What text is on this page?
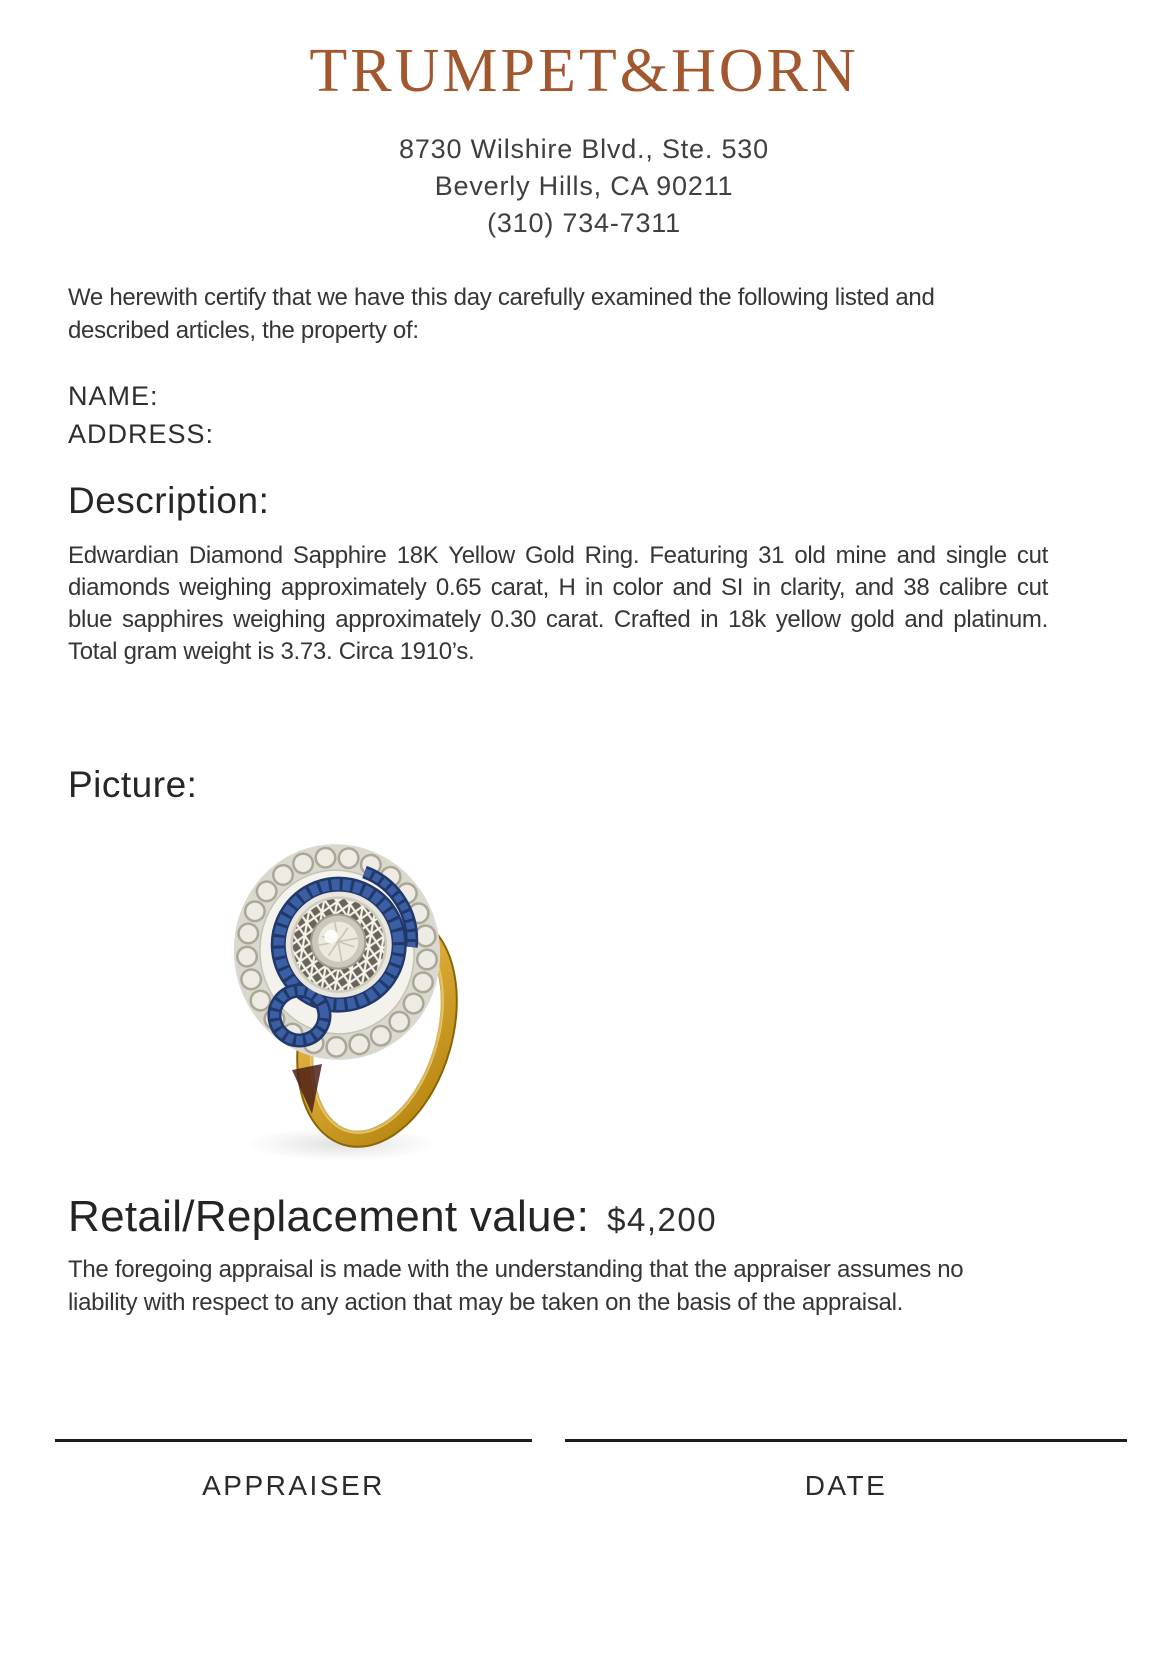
TRUMPET&HORN
8730 Wilshire Blvd., Ste. 530
Beverly Hills, CA 90211
(310) 734-7311
We herewith certify that we have this day carefully examined the following listed and described articles, the property of:
NAME:
ADDRESS:
Description:
Edwardian Diamond Sapphire 18K Yellow Gold Ring. Featuring 31 old mine and single cut diamonds weighing approximately 0.65 carat, H in color and SI in clarity, and 38 calibre cut blue sapphires weighing approximately 0.30 carat. Crafted in 18k yellow gold and platinum. Total gram weight is 3.73. Circa 1910’s.
Picture:
Retail/Replacement value: $4,200
The foregoing appraisal is made with the understanding that the appraiser assumes no liability with respect to any action that may be taken on the basis of the appraisal.
APPRAISER	DATE
